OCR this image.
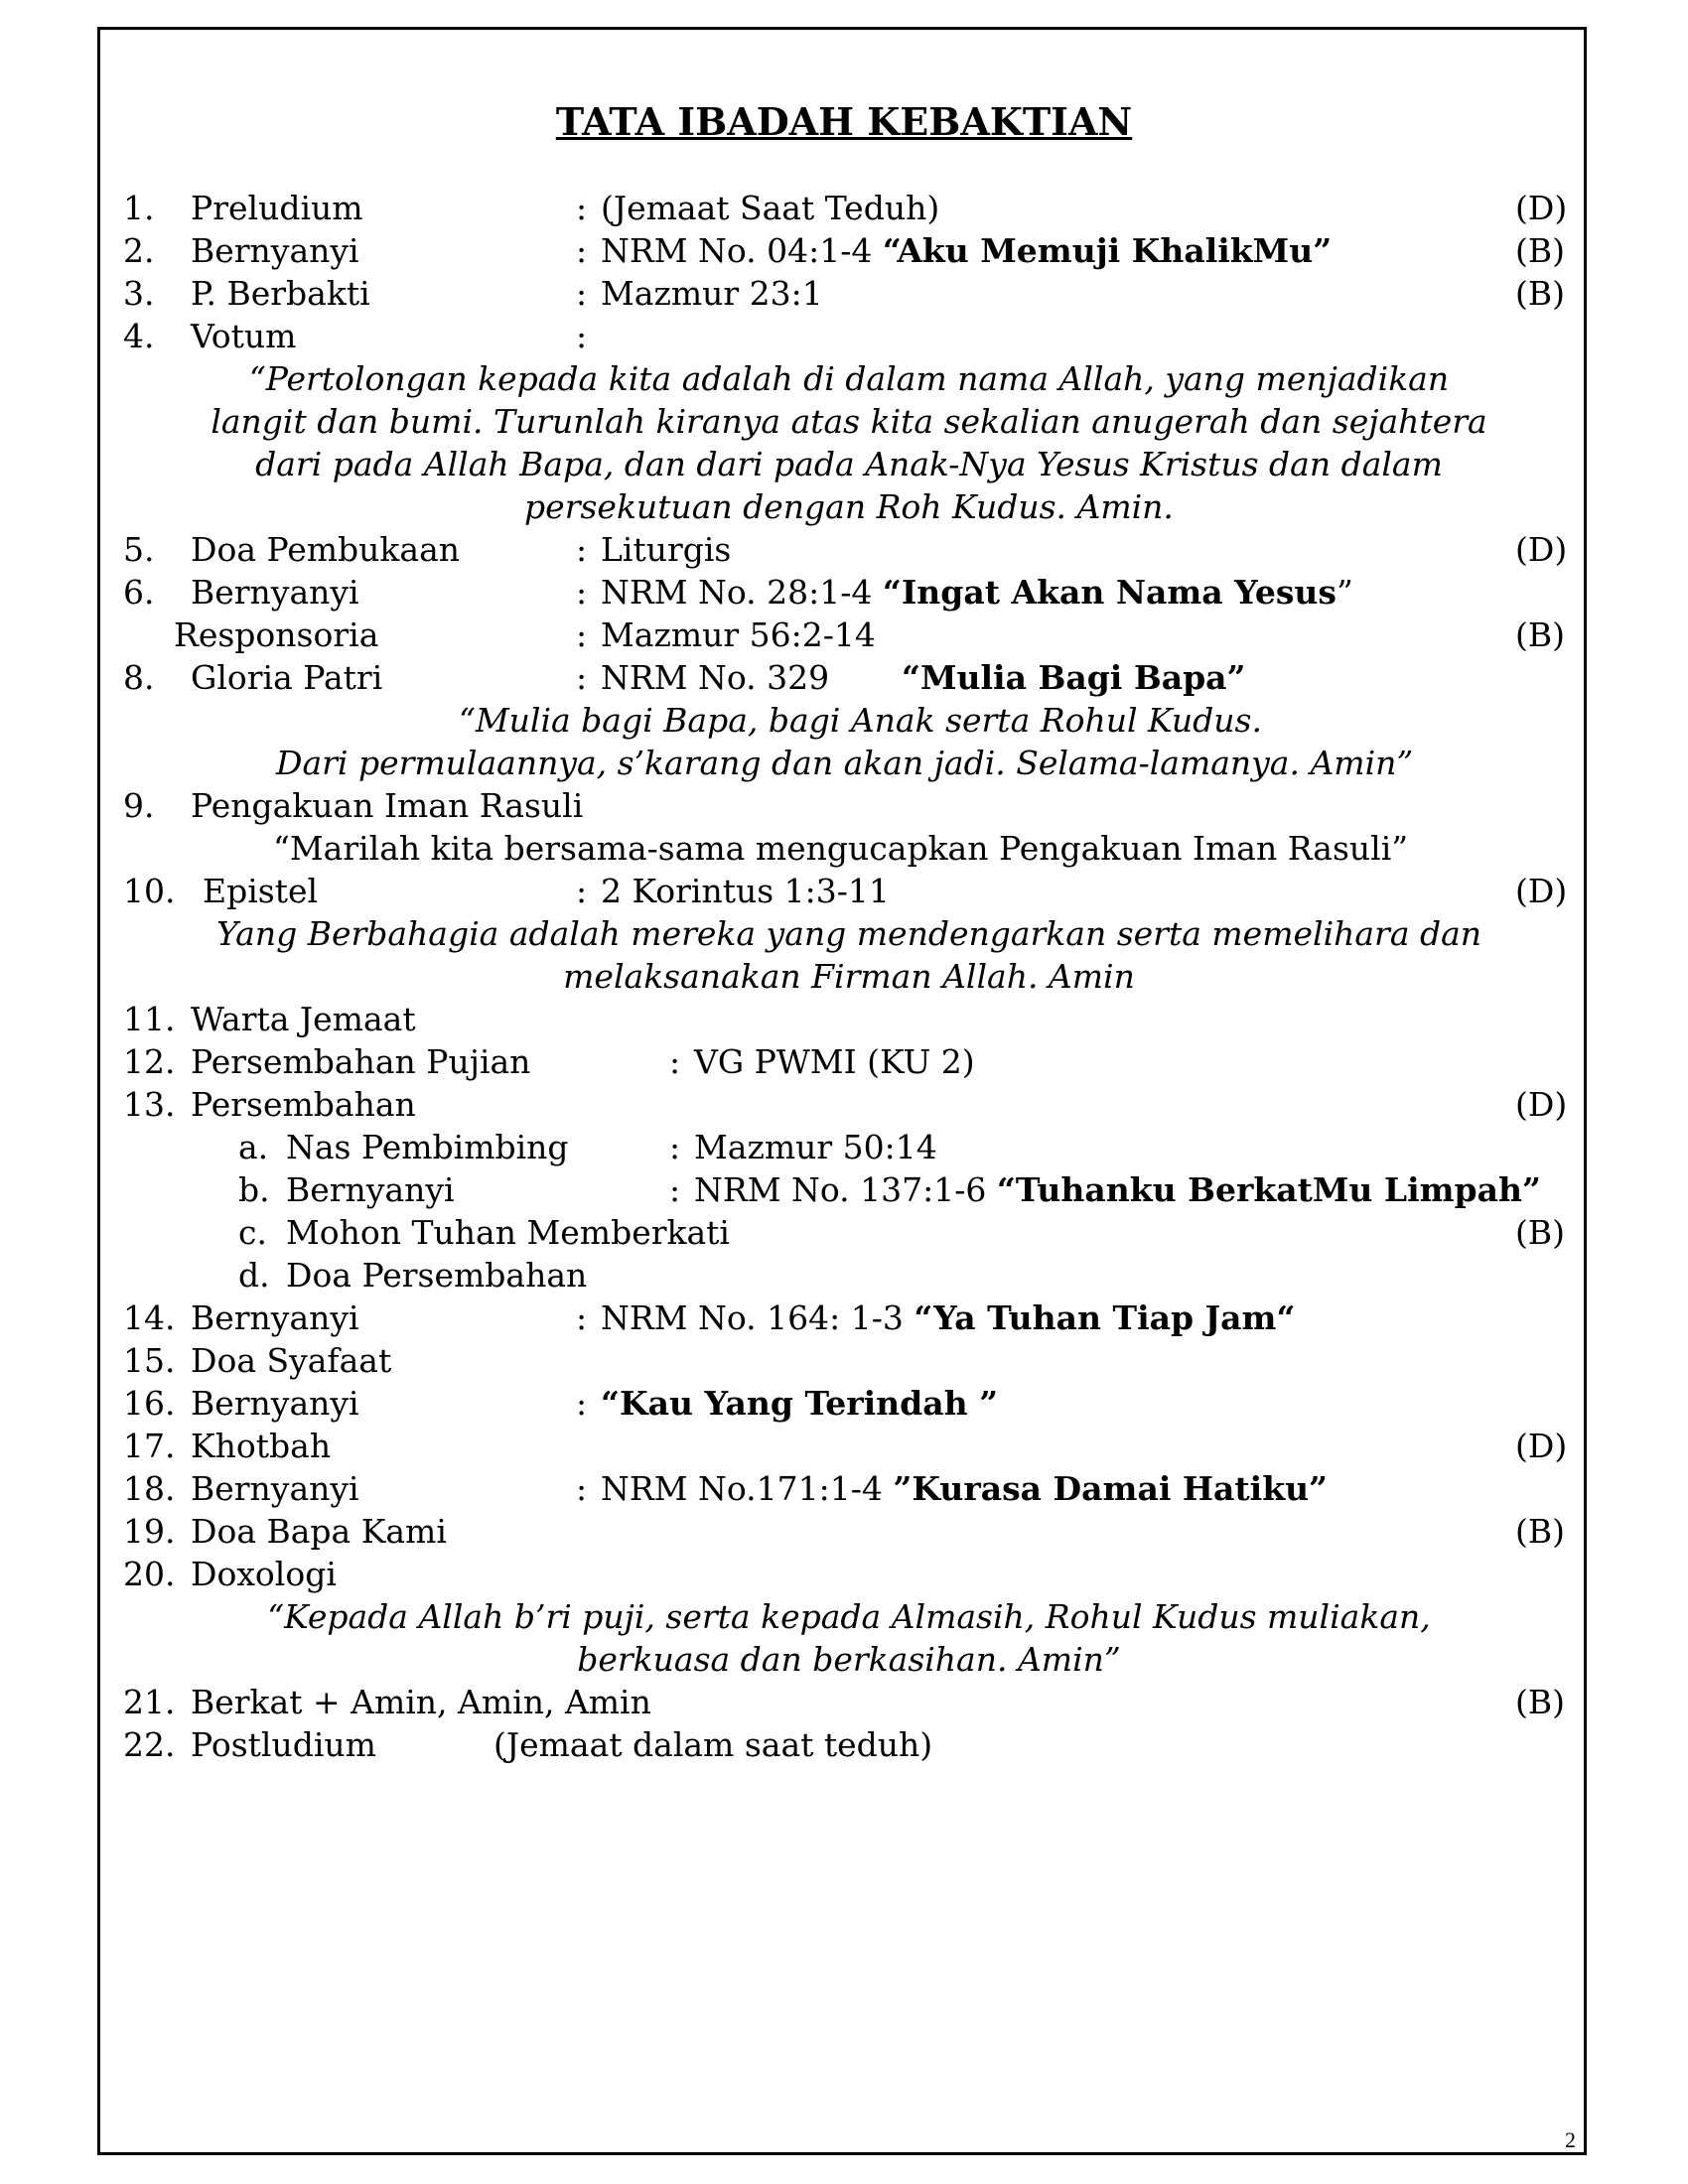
TATA IBADAH KEBAKTIAN
1. Preludium	: (Jemaat Saat Teduh)	(D)
2. Bernyanyi	: NRM No. 04:1-4 “Aku Memuji KhalikMu”	(B)
3. P. Berbakti	: Mazmur 23:1	(B)
4. Votum	:
“Pertolongan kepada kita adalah di dalam nama Allah, yang menjadikan
langit dan bumi. Turunlah kiranya atas kita sekalian anugerah dan sejahtera
dari pada Allah Bapa, dan dari pada Anak-Nya Yesus Kristus dan dalam
persekutuan dengan Roh Kudus. Amin.
5. Doa Pembukaan	: Liturgis	(D)
6. Bernyanyi	: NRM No. 28:1-4 “Ingat Akan Nama Yesus”
Responsoria	: Mazmur 56:2-14	(B)
8. Gloria Patri	: NRM No. 329 “Mulia Bagi Bapa”
“Mulia bagi Bapa, bagi Anak serta Rohul Kudus.
Dari permulaannya, s’karang dan akan jadi. Selama-lamanya. Amin”
9. Pengakuan Iman Rasuli
“Marilah kita bersama-sama mengucapkan Pengakuan Iman Rasuli”
10. Epistel	: 2 Korintus 1:3-11	(D)
Yang Berbahagia adalah mereka yang mendengarkan serta memelihara dan
melaksanakan Firman Allah. Amin
11. Warta Jemaat
12. Persembahan Pujian	: VG PWMI (KU 2)
13. Persembahan	(D)
a. Nas Pembimbing	: Mazmur 50:14
b. Bernyanyi	: NRM No. 137:1-6 “Tuhanku BerkatMu Limpah”
c. Mohon Tuhan Memberkati	(B)
d. Doa Persembahan
14. Bernyanyi	: NRM No. 164: 1-3 “Ya Tuhan Tiap Jam“
15. Doa Syafaat
16. Bernyanyi	: “Kau Yang Terindah ”
17. Khotbah	(D)
18. Bernyanyi	: NRM No.171:1-4 ”Kurasa Damai Hatiku”
19. Doa Bapa Kami	(B)
20. Doxologi
“Kepada Allah b’ri puji, serta kepada Almasih, Rohul Kudus muliakan,
berkuasa dan berkasihan. Amin”
21. Berkat + Amin, Amin, Amin	(B)
22. Postludium	(Jemaat dalam saat teduh)
2
